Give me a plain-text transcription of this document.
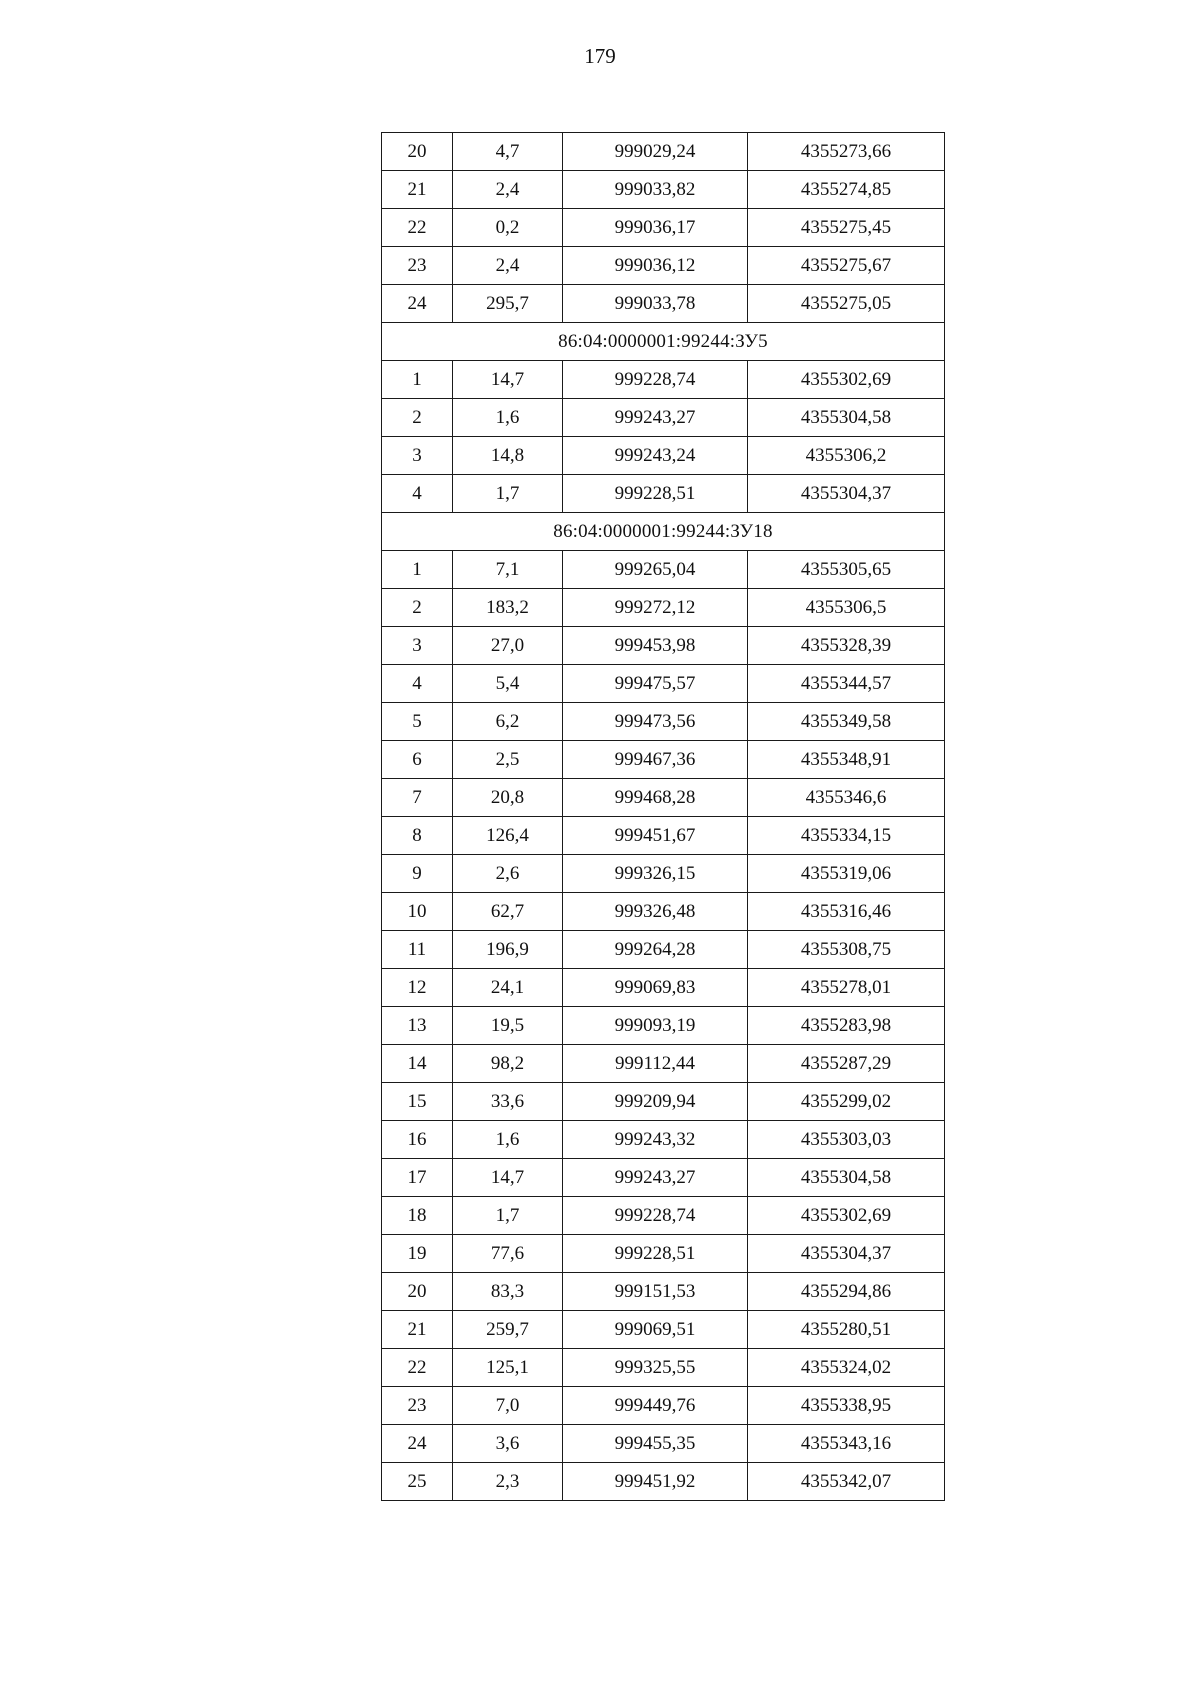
179
20	4,7	999029,24	4355273,66
21	2,4	999033,82	4355274,85
22	0,2	999036,17	4355275,45
23	2,4	999036,12	4355275,67
24	295,7	999033,78	4355275,05
86:04:0000001:99244:ЗУ5			
1	14,7	999228,74	4355302,69
2	1,6	999243,27	4355304,58
3	14,8	999243,24	4355306,2
4	1,7	999228,51	4355304,37
86:04:0000001:99244:ЗУ18			
1	7,1	999265,04	4355305,65
2	183,2	999272,12	4355306,5
3	27,0	999453,98	4355328,39
4	5,4	999475,57	4355344,57
5	6,2	999473,56	4355349,58
6	2,5	999467,36	4355348,91
7	20,8	999468,28	4355346,6
8	126,4	999451,67	4355334,15
9	2,6	999326,15	4355319,06
10	62,7	999326,48	4355316,46
11	196,9	999264,28	4355308,75
12	24,1	999069,83	4355278,01
13	19,5	999093,19	4355283,98
14	98,2	999112,44	4355287,29
15	33,6	999209,94	4355299,02
16	1,6	999243,32	4355303,03
17	14,7	999243,27	4355304,58
18	1,7	999228,74	4355302,69
19	77,6	999228,51	4355304,37
20	83,3	999151,53	4355294,86
21	259,7	999069,51	4355280,51
22	125,1	999325,55	4355324,02
23	7,0	999449,76	4355338,95
24	3,6	999455,35	4355343,16
25	2,3	999451,92	4355342,07
